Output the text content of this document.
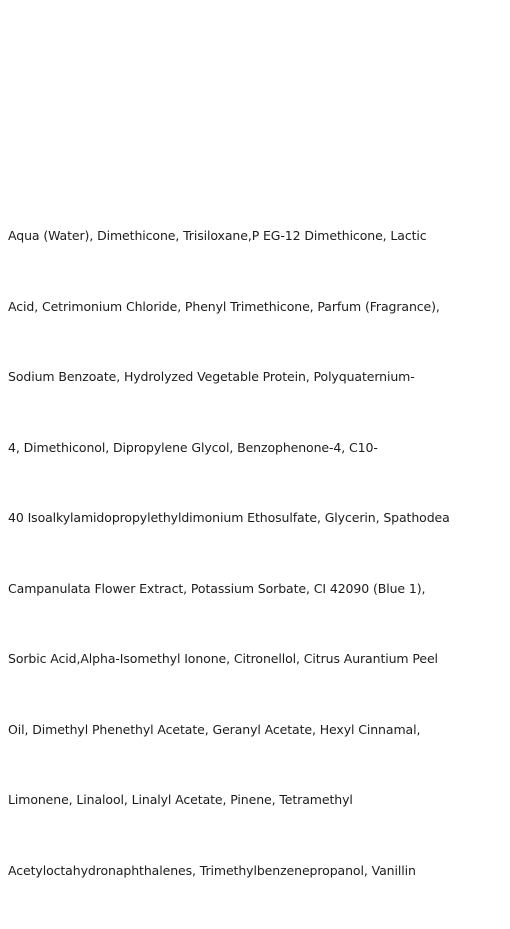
Aqua (Water), Dimethicone, Trisiloxane,P EG-12 Dimethicone, Lactic

Acid, Cetrimonium Chloride, Phenyl Trimethicone, Parfum (Fragrance),

Sodium Benzoate, Hydrolyzed Vegetable Protein, Polyquaternium-

4, Dimethiconol, Dipropylene Glycol, Benzophenone-4, C10-

40 Isoalkylamidopropylethyldimonium Ethosulfate, Glycerin, Spathodea

Campanulata Flower Extract, Potassium Sorbate, CI 42090 (Blue 1),

Sorbic Acid,Alpha-Isomethyl Ionone, Citronellol, Citrus Aurantium Peel

Oil, Dimethyl Phenethyl Acetate, Geranyl Acetate, Hexyl Cinnamal,

Limonene, Linalool, Linalyl Acetate, Pinene, Tetramethyl

Acetyloctahydronaphthalenes, Trimethylbenzenepropanol, Vanillin
